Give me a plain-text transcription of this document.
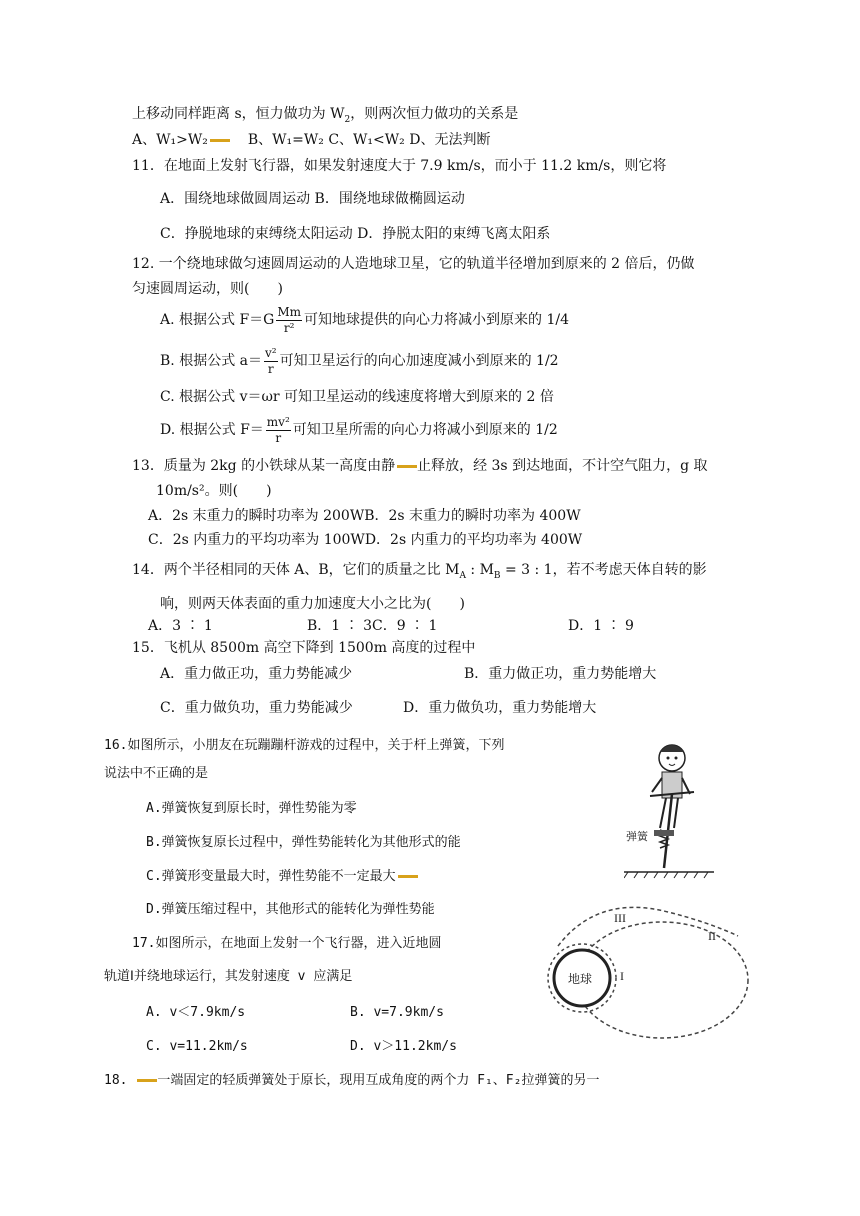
上移动同样距离 s，恒力做功为 $W_2$，则两次恒力做功的关系是
A、W₁>W₂	B、W₁=W₂ C、W₁<W₂ D、无法判断
11．在地面上发射飞行器，如果发射速度大于 7.9 km/s，而小于 11.2 km/s，则它将
A．围绕地球做圆周运动 B．围绕地球做椭圆运动
C．挣脱地球的束缚绕太阳运动 D．挣脱太阳的束缚飞离太阳系
12. 一个绕地球做匀速圆周运动的人造地球卫星，它的轨道半径增加到原来的 2 倍后，仍做
匀速圆周运动，则(　　)
A. 根据公式 $F=G \frac{Mm}{\text{r²}}$ 可知地球提供的向心力将减小到原来的 1/4
B. 根据公式 $a= \frac{\text{v²}}{r}$ 可知卫星运行的向心加速度减小到原来的 1/2
C. 根据公式 v＝ωr 可知卫星运动的线速度将增大到原来的 2 倍
D. 根据公式 $F= \frac{\text{mv²}}{r}$ 可知卫星所需的向心力将减小到原来的 1/2
13．质量为 2kg 的小铁球从某一高度由静 止释放，经 3s 到达地面，不计空气阻力，g 取
10m/s²。则(　　)
A．2s 末重力的瞬时功率为 200WB．2s 末重力的瞬时功率为 400W
C．2s 内重力的平均功率为 100WD．2s 内重力的平均功率为 400W
14．两个半径相同的天体 A、B，它们的质量之比 $M_A$ : $M_B = 3$ : 1，若不考虑天体自转的影
响，则两天体表面的重力加速度大小之比为(　　)
A．3 ∶ 1	B．1 ∶ 3C．9 ∶ 1	D．1 ∶ 9
15．飞机从 8500m 高空下降到 1500m 高度的过程中
A．重力做正功，重力势能减少	B．重力做正功，重力势能增大
C．重力做负功，重力势能减少	D．重力做负功，重力势能增大
16.如图所示，小朋友在玩蹦蹦杆游戏的过程中，关于杆上弹簧，下列
说法中不正确的是
A.弹簧恢复到原长时，弹性势能为零
B.弹簧恢复原长过程中，弹性势能转化为其他形式的能
C.弹簧形变量最大时，弹性势能不一定最大
D.弹簧压缩过程中，其他形式的能转化为弹性势能
弹簧
17.如图所示，在地面上发射一个飞行器，进入近地圆
轨道Ⅰ并绕地球运行，其发射速度 v 应满足
A. v＜7.9km/s	B. v=7.9km/s
C. v=11.2km/s	D. v＞11.2km/s
地球 I
II
III
18. 一端固定的轻质弹簧处于原长，现用互成角度的两个力 F₁、F₂拉弹簧的另一
